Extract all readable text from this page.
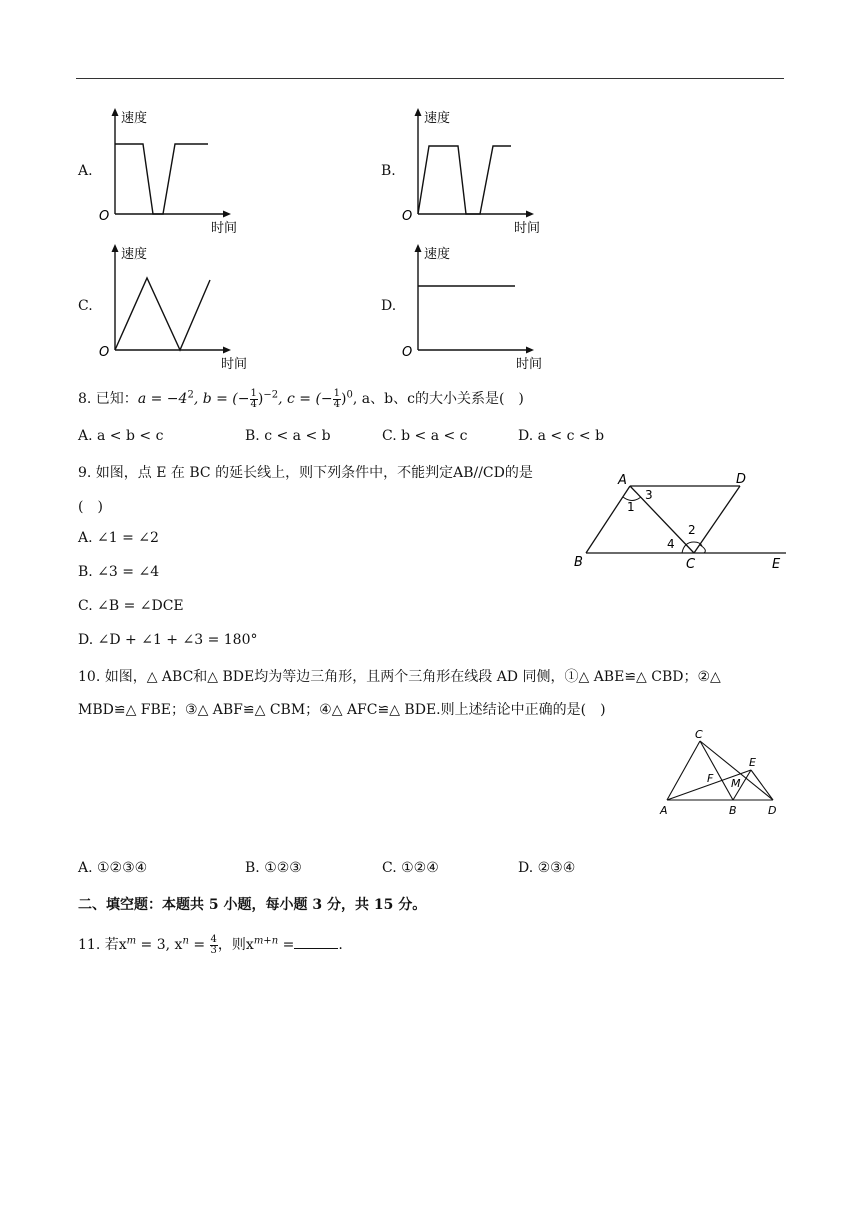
A.	B.
C.	D.
速度
时间
O
速度
时间
O
速度
时间
O
速度
时间
O
8. 已知：$a = -4^2$, b = (− $\frac{1}{4} )^{-2}$, c = (− $\frac{1}{4} )^0$, a、b、c的大小关系是(　)
A. a < b < c	B. c < a < b	C. b < a < c	D. a < c < b
9. 如图，点 E 在 BC 的延长线上，则下列条件中，不能判定AB//CD的是
(　)
A. ∠1 = ∠2
B. ∠3 = ∠4
C. ∠B = ∠DCE
D. ∠D + ∠1 + ∠3 = 180°
A	D
B	C	E
1
2
3
4
10. 如图，△ ABC和△ BDE均为等边三角形，且两个三角形在线段 AD 同侧，①△ ABE≌△ CBD；②△
MBD≌△ FBE；③△ ABF≌△ CBM；④△ AFC≌△ BDE.则上述结论中正确的是(　)
C
E
F M
A	B	D
A. ①②③④	B. ①②③	C. ①②④	D. ②③④
二、填空题：本题共 5 小题，每小题 3 分，共 15 分。
11. 若$x^m = 3$, $x^n = \frac{4}{3}$ ，则$x^{m+n}$ =	.
